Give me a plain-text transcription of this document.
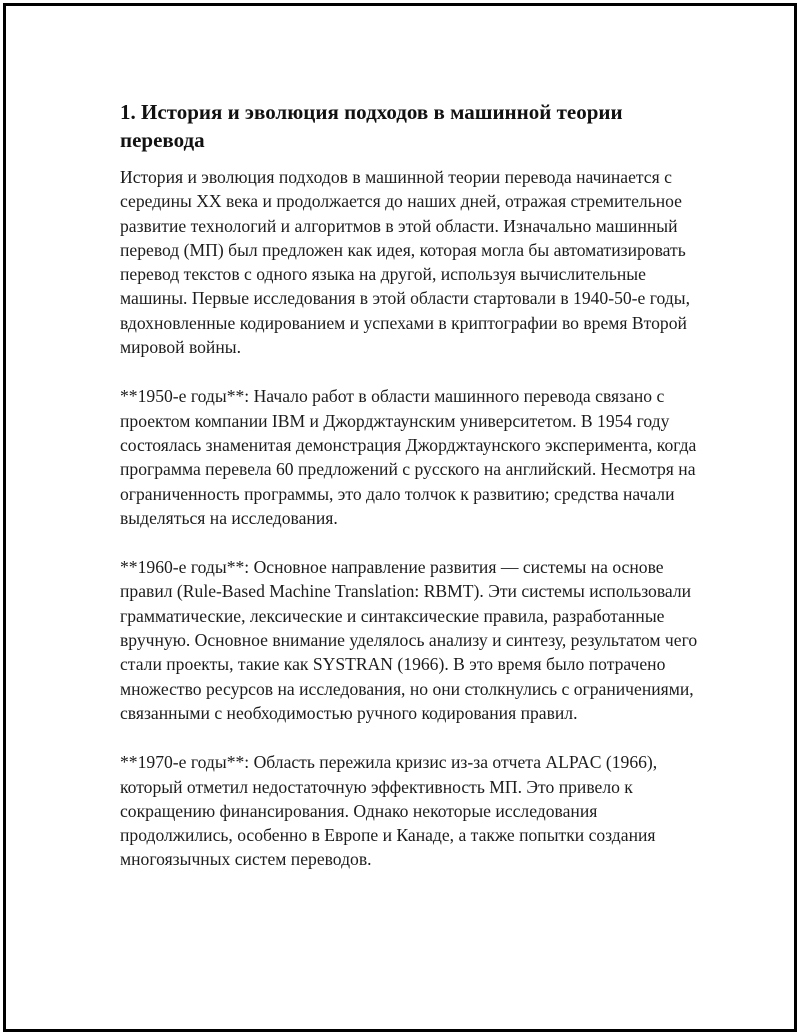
1. История и эволюция подходов в машинной теории перевода

История и эволюция подходов в машинной теории перевода начинается с середины XX века и продолжается до наших дней, отражая стремительное развитие технологий и алгоритмов в этой области. Изначально машинный перевод (МП) был предложен как идея, которая могла бы автоматизировать перевод текстов с одного языка на другой, используя вычислительные машины. Первые исследования в этой области стартовали в 1940-50-е годы, вдохновленные кодированием и успехами в криптографии во время Второй мировой войны.

**1950-е годы**: Начало работ в области машинного перевода связано с проектом компании IBM и Джорджтаунским университетом. В 1954 году состоялась знаменитая демонстрация Джорджтаунского эксперимента, когда программа перевела 60 предложений с русского на английский. Несмотря на ограниченность программы, это дало толчок к развитию; средства начали выделяться на исследования.

**1960-е годы**: Основное направление развития — системы на основе правил (Rule-Based Machine Translation: RBMT). Эти системы использовали грамматические, лексические и синтаксические правила, разработанные вручную. Основное внимание уделялось анализу и синтезу, результатом чего стали проекты, такие как SYSTRAN (1966). В это время было потрачено множество ресурсов на исследования, но они столкнулись с ограничениями, связанными с необходимостью ручного кодирования правил.

**1970-е годы**: Область пережила кризис из-за отчета ALPAC (1966), который отметил недостаточную эффективность МП. Это привело к сокращению финансирования. Однако некоторые исследования продолжились, особенно в Европе и Канаде, а также попытки создания многоязычных систем переводов.
